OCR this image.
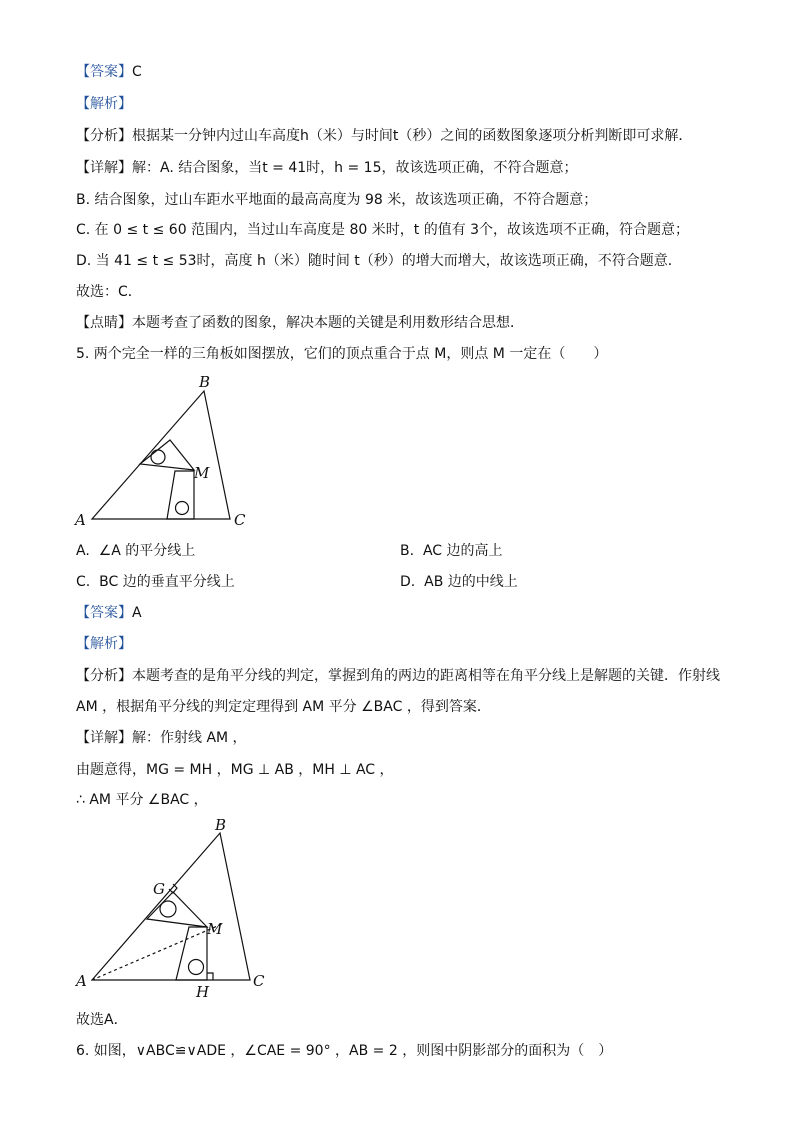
【答案】C
【解析】
【分析】根据某一分钟内过山车高度h（米）与时间t（秒）之间的函数图象逐项分析判断即可求解．
【详解】解：A. 结合图象，当t = 41时，h = 15，故该选项正确，不符合题意；
B. 结合图象，过山车距水平地面的最高高度为 98 米，故该选项正确，不符合题意；
C. 在 0 ≤ t ≤ 60 范围内，当过山车高度是 80 米时，t 的值有 3个，故该选项不正确，符合题意；
D. 当 41 ≤ t ≤ 53时，高度 h（米）随时间 t（秒）的增大而增大，故该选项正确，不符合题意．
故选：C．
【点睛】本题考查了函数的图象，解决本题的关键是利用数形结合思想．
5. 两个完全一样的三角板如图摆放，它们的顶点重合于点 M，则点 M 一定在（　　）
B
M
A	C
A. ∠A 的平分线上	B. AC 边的高上
C. BC 边的垂直平分线上	D. AB 边的中线上
【答案】A
【解析】
【分析】本题考查的是角平分线的判定，掌握到角的两边的距离相等在角平分线上是解题的关键．作射线
AM ，根据角平分线的判定定理得到 AM 平分 ∠BAC ，得到答案．
【详解】解：作射线 AM ，
由题意得，MG = MH ，MG ⊥ AB ，MH ⊥ AC ，
∴ AM 平分 ∠BAC ，
B
G
M
A
H
C
故选A．
6. 如图，∨ABC≌∨ADE ，∠CAE = 90° ，AB = 2 ，则图中阴影部分的面积为（　）
